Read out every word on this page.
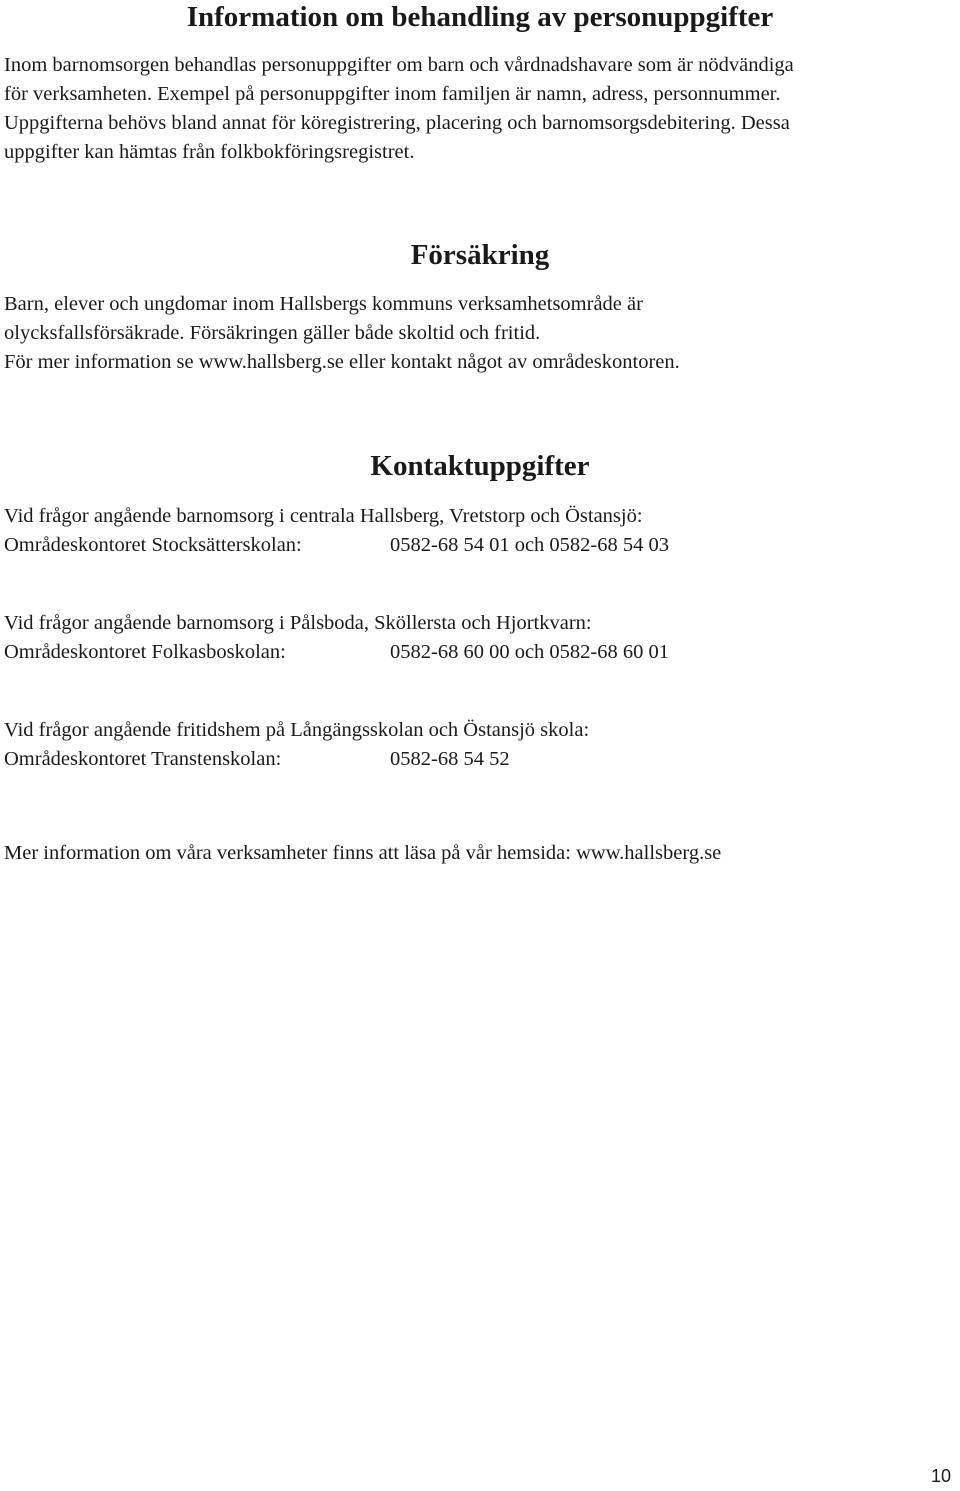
Information om behandling av personuppgifter

Inom barnomsorgen behandlas personuppgifter om barn och vårdnadshavare som är nödvändiga
för verksamheten. Exempel på personuppgifter inom familjen är namn, adress, personnummer.
Uppgifterna behövs bland annat för köregistrering, placering och barnomsorgsdebitering. Dessa
uppgifter kan hämtas från folkbokföringsregistret.

Försäkring

Barn, elever och ungdomar inom Hallsbergs kommuns verksamhetsområde är
olycksfallsförsäkrade. Försäkringen gäller både skoltid och fritid.
För mer information se www.hallsberg.se eller kontakt något av områdeskontoren.

Kontaktuppgifter

Vid frågor angående barnomsorg i centrala Hallsberg, Vretstorp och Östansjö:
Områdeskontoret Stocksätterskolan:	0582-68 54 01 och 0582-68 54 03

Vid frågor angående barnomsorg i Pålsboda, Sköllersta och Hjortkvarn:
Områdeskontoret Folkasboskolan:	0582-68 60 00 och 0582-68 60 01

Vid frågor angående fritidshem på Långängsskolan och Östansjö skola:
Områdeskontoret Transtenskolan:	0582-68 54 52

Mer information om våra verksamheter finns att läsa på vår hemsida: www.hallsberg.se

10
